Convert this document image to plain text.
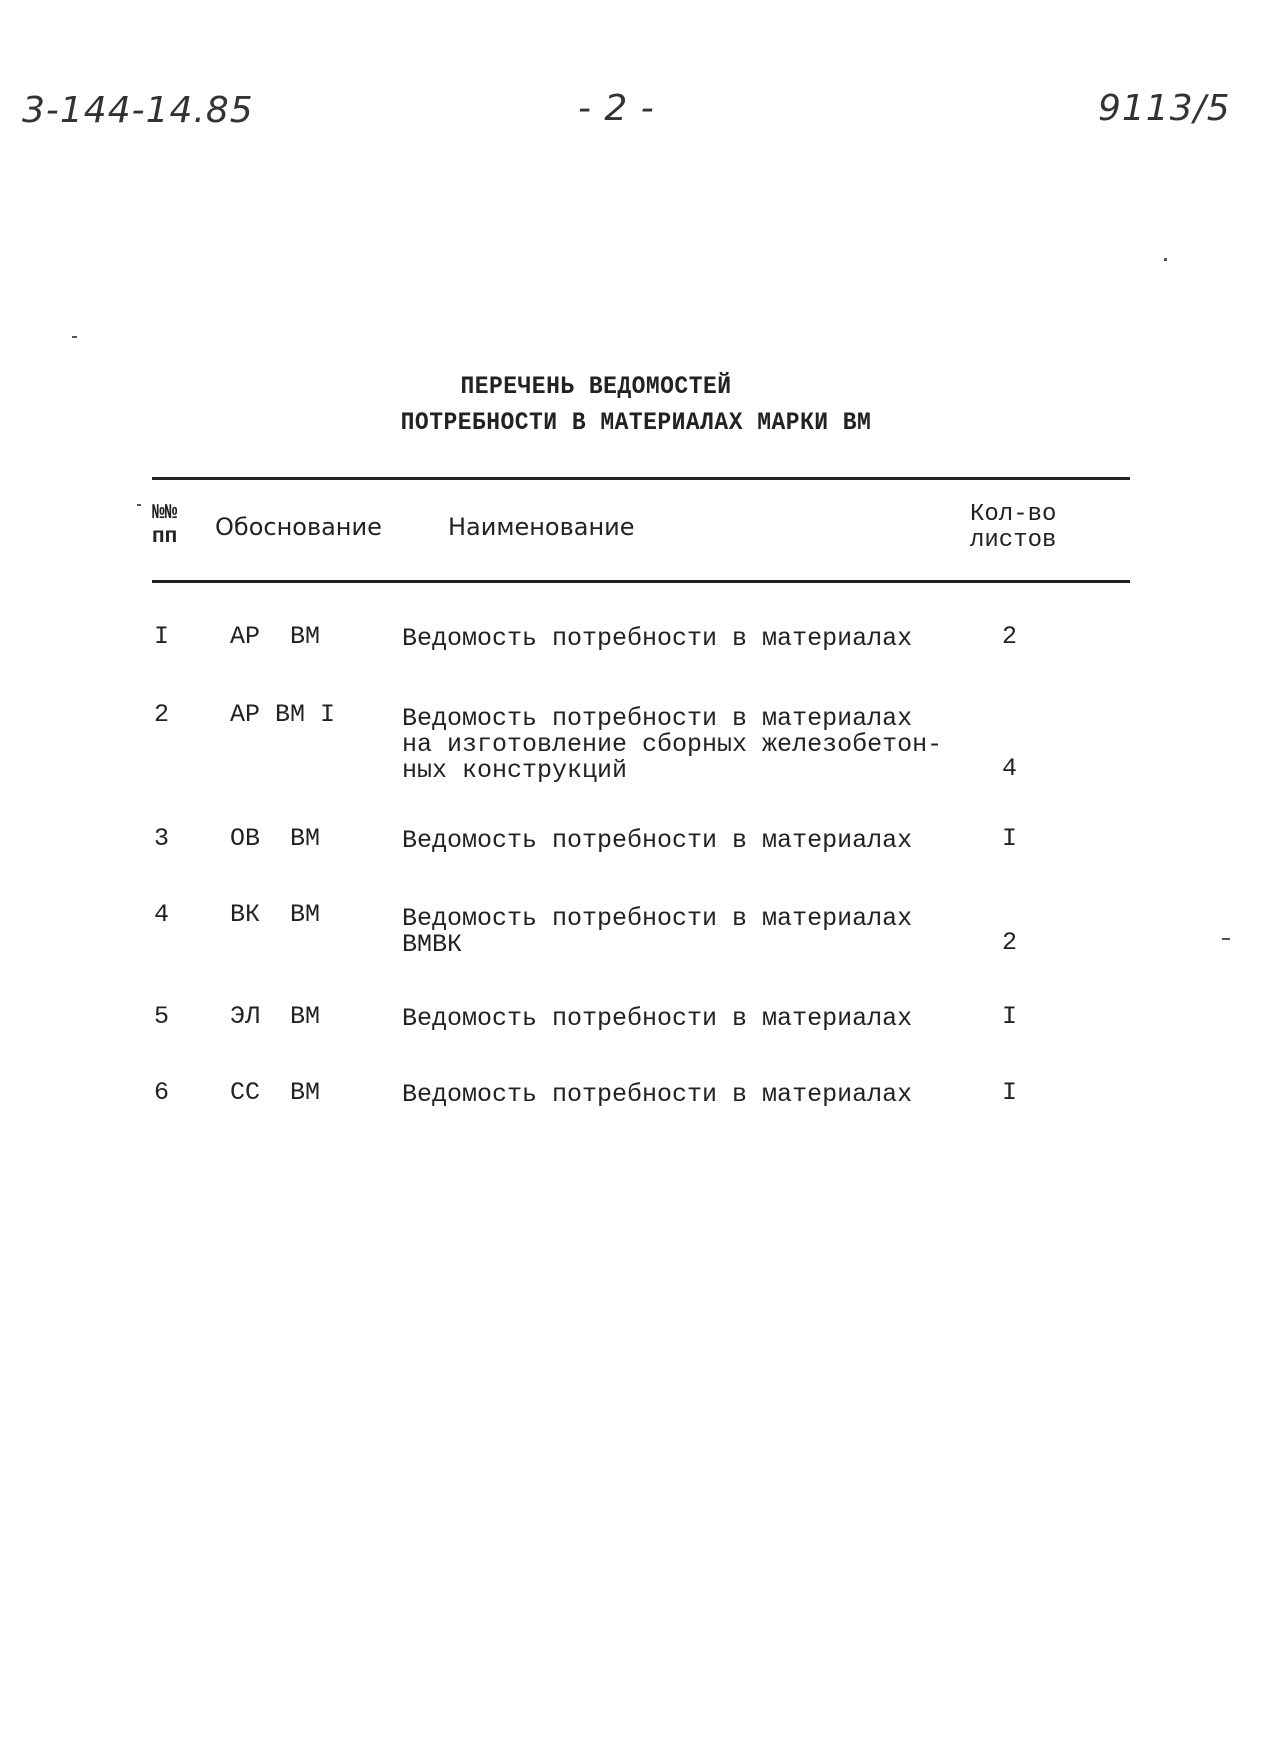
3-144-14.85	- 2 -	9113/5
ПЕРЕЧЕНЬ ВЕДОМОСТЕЙ
ПОТРЕБНОСТИ В МАТЕРИАЛАХ МАРКИ ВМ
№№
пп Обоснование	Наименование	Кол-во
листов
I АР  ВМ	Ведомость потребности в материалах	2
2 АР ВМ I	Ведомость потребности в материалах
на изготовление сборных железобетон-
ных конструкций	4
3 ОВ  ВМ	Ведомость потребности в материалах	I
4 ВК  ВМ	Ведомость потребности в материалах
ВМВК	2
5 ЭЛ  ВМ	Ведомость потребности в материалах	I
6 СС  ВМ	Ведомость потребности в материалах	I
